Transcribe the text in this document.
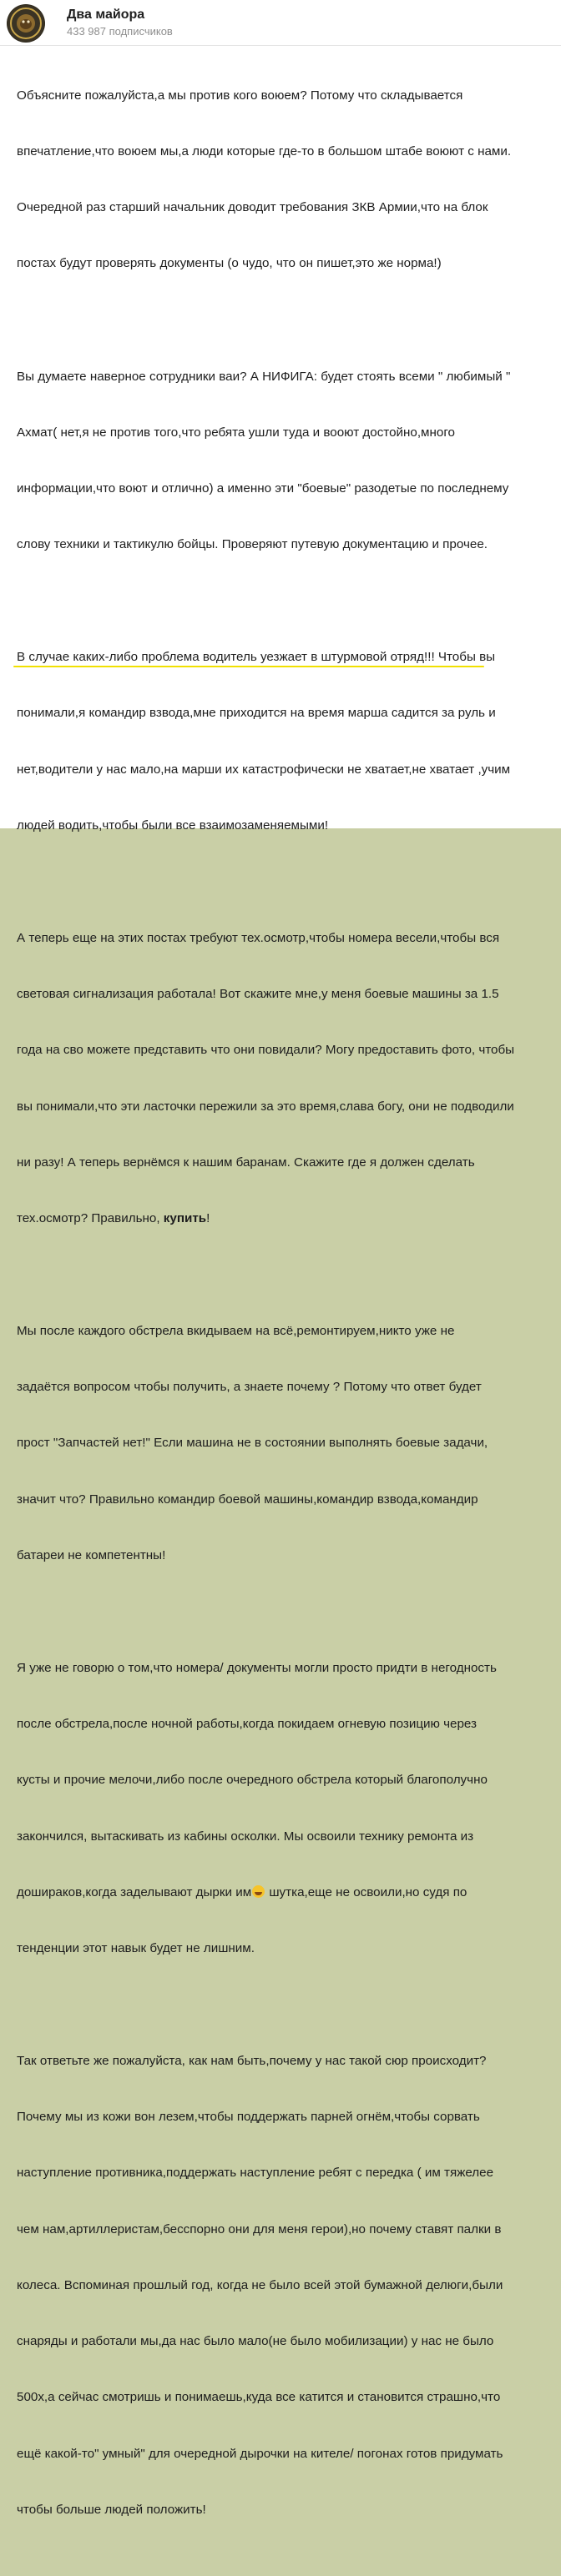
Два майора
433 987 подписчиков

Объясните пожалуйста,а мы против кого воюем? Потому что складывается

впечатление,что воюем мы,а люди которые где-то в большом штабе воюют с нами.

Очередной раз старший начальник доводит требования ЗКВ Армии,что на блок

постах будут проверять документы (о чудо, что он пишет,это же норма!)

Вы думаете наверное сотрудники ваи? А НИФИГА: будет стоять всеми " любимый "

Ахмат( нет,я не против того,что ребята ушли туда и вооют достойно,много

информации,что воют и отлично) а именно эти "боевые" разодетые по последнему

слову техники и тактикулю бойцы. Проверяют путевую документацию и прочее.

В случае каких-либо проблема водитель уезжает в штурмовой отряд!!! Чтобы вы

понимали,я командир взвода,мне приходится на время марша садится за руль и

нет,водители у нас мало,на марши их катастрофически не хватает,не хватает ,учим

людей водить,чтобы были все взаимозаменяемыми!

А теперь еще на этих постах требуют тех.осмотр,чтобы номера весели,чтобы вся

световая сигнализация работала! Вот скажите мне,у меня боевые машины за 1.5

года на сво можете представить что они повидали? Могу предоставить фото, чтобы

вы понимали,что эти ласточки пережили за это время,слава богу, они не подводили

ни разу! А теперь вернёмся к нашим баранам. Скажите где я должен сделать

тех.осмотр? Правильно, купить!

Мы после каждого обстрела вкидываем на всё,ремонтируем,никто уже не

задаётся вопросом чтобы получить, а знаете почему ? Потому что ответ будет

прост "Запчастей нет!" Если машина не в состоянии выполнять боевые задачи,

значит что? Правильно командир боевой машины,командир взвода,командир

батареи не компетентны!

Я уже не говорю о том,что номера/ документы могли просто придти в негодность

после обстрела,после ночной работы,когда покидаем огневую позицию через

кусты и прочие мелочи,либо после очередного обстрела который благополучно

закончился, вытаскивать из кабины осколки. Мы освоили технику ремонта из

дошираков,когда заделывают дырки им шутка,еще не освоили,но судя по

тенденции этот навык будет не лишним.

Так ответьте же пожалуйста, как нам быть,почему у нас такой сюр происходит?

Почему мы из кожи вон лезем,чтобы поддержать парней огнём,чтобы сорвать

наступление противника,поддержать наступление ребят с передка ( им тяжелее

чем нам,артиллеристам,бесспорно они для меня герои),но почему ставят палки в

колеса. Вспоминая прошлый год, когда не было всей этой бумажной делюги,были

снаряды и работали мы,да нас было мало(не было мобилизации) у нас не было

500х,а сейчас смотришь и понимаешь,куда все катится и становится страшно,что

ещё какой-то" умный" для очередной дырочки на кителе/ погонах готов придумать

чтобы больше людей положить!
